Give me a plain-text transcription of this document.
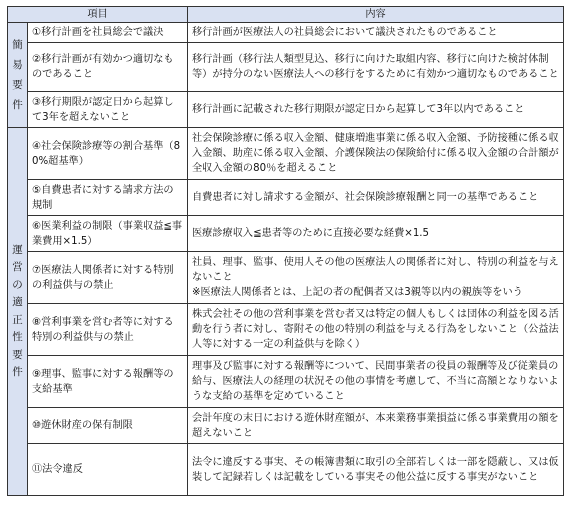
項目		内容
簡易要件	①移行計画を社員総会で議決	移行計画が医療法人の社員総会において議決されたものであること
	②移行計画が有効かつ適切なものであること	移行計画（移行法人類型見込、移行に向けた取組内容、移行に向けた検討体制等）が持分のない医療法人への移行をするために有効かつ適切なものであること
	③移行期限が認定日から起算して3年を超えないこと	移行計画に記載された移行期限が認定日から起算して3年以内であること
運営の適正性要件	④社会保険診療等の割合基準（80%超基準）	社会保険診療に係る収入金額、健康増進事業に係る収入金額、予防接種に係る収入金額、助産に係る収入金額、介護保険法の保険給付に係る収入金額の合計額が全収入金額の80％を超えること
	⑤自費患者に対する請求方法の規制	自費患者に対し請求する金額が、社会保険診療報酬と同一の基準であること
	⑥医業利益の制限（事業収益≦事業費用×1.5）	医療診療収入≦患者等のために直接必要な経費×1.5
	⑦医療法人関係者に対する特別の利益供与の禁止	社員、理事、監事、使用人その他の医療法人の関係者に対し、特別の利益を与えないこと
※医療法人関係者とは、上記の者の配偶者又は3親等以内の親族等をいう

	⑧営利事業を営む者等に対する特別の利益供与の禁止	株式会社その他の営利事業を営む者又は特定の個人もしくは団体の利益を図る活動を行う者に対し、寄附その他の特別の利益を与える行為をしないこと（公益法人等に対する一定の利益供与を除く）
	⑨理事、監事に対する報酬等の支給基準	理事及び監事に対する報酬等について、民間事業者の役員の報酬等及び従業員の給与、医療法人の経理の状況その他の事情を考慮して、不当に高額となりないような支給の基準を定めていること
	⑩遊休財産の保有制限	会計年度の末日における遊休財産額が、本来業務事業損益に係る事業費用の額を超えないこと
	⑪法令違反	法令に違反する事実、その帳簿書類に取引の全部若しくは一部を隠蔽し、又は仮装して記録若しくは記載をしている事実その他公益に反する事実がないこと
